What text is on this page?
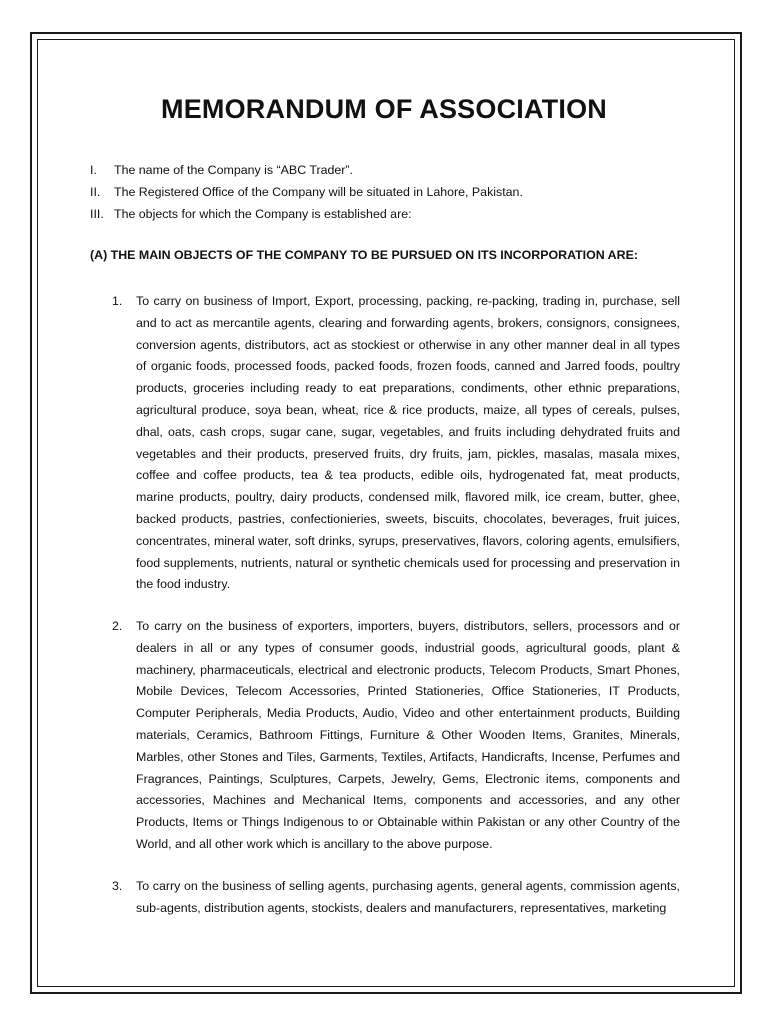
MEMORANDUM OF ASSOCIATION
I.	The name of the Company is “ABC Trader”.
II.	The Registered Office of the Company will be situated in Lahore, Pakistan.
III. The objects for which the Company is established are:
(A) THE MAIN OBJECTS OF THE COMPANY TO BE PURSUED ON ITS INCORPORATION ARE:
1.	To carry on business of Import, Export, processing, packing, re-packing, trading in, purchase, sell and to act as mercantile agents, clearing and forwarding agents, brokers, consignors, consignees, conversion agents, distributors, act as stockiest or otherwise in any other manner deal in all types of organic foods, processed foods, packed foods, frozen foods, canned and Jarred foods, poultry products, groceries including ready to eat preparations, condiments, other ethnic preparations, agricultural produce, soya bean, wheat, rice & rice products, maize, all types of cereals, pulses, dhal, oats, cash crops, sugar cane, sugar, vegetables, and fruits including dehydrated fruits and vegetables and their products, preserved fruits, dry fruits, jam, pickles, masalas, masala mixes, coffee and coffee products, tea & tea products, edible oils, hydrogenated fat, meat products, marine products, poultry, dairy products, condensed milk, flavored milk, ice cream, butter, ghee, backed products, pastries, confectionieries, sweets, biscuits, chocolates, beverages, fruit juices, concentrates, mineral water, soft drinks, syrups, preservatives, flavors, coloring agents, emulsifiers, food supplements, nutrients, natural or synthetic chemicals used for processing and preservation in the food industry.
2.	To carry on the business of exporters, importers, buyers, distributors, sellers, processors and or dealers in all or any types of consumer goods, industrial goods, agricultural goods, plant & machinery, pharmaceuticals, electrical and electronic products, Telecom Products, Smart Phones, Mobile Devices, Telecom Accessories, Printed Stationeries, Office Stationeries, IT Products, Computer Peripherals, Media Products, Audio, Video and other entertainment products, Building materials, Ceramics, Bathroom Fittings, Furniture & Other Wooden Items, Granites, Minerals, Marbles, other Stones and Tiles, Garments, Textiles, Artifacts, Handicrafts, Incense, Perfumes and Fragrances, Paintings, Sculptures, Carpets, Jewelry, Gems, Electronic items, components and accessories, Machines and Mechanical Items, components and accessories, and any other Products, Items or Things Indigenous to or Obtainable within Pakistan or any other Country of the World, and all other work which is ancillary to the above purpose.
3.	To carry on the business of selling agents, purchasing agents, general agents, commission agents, sub-agents, distribution agents, stockists, dealers and manufacturers, representatives, marketing
